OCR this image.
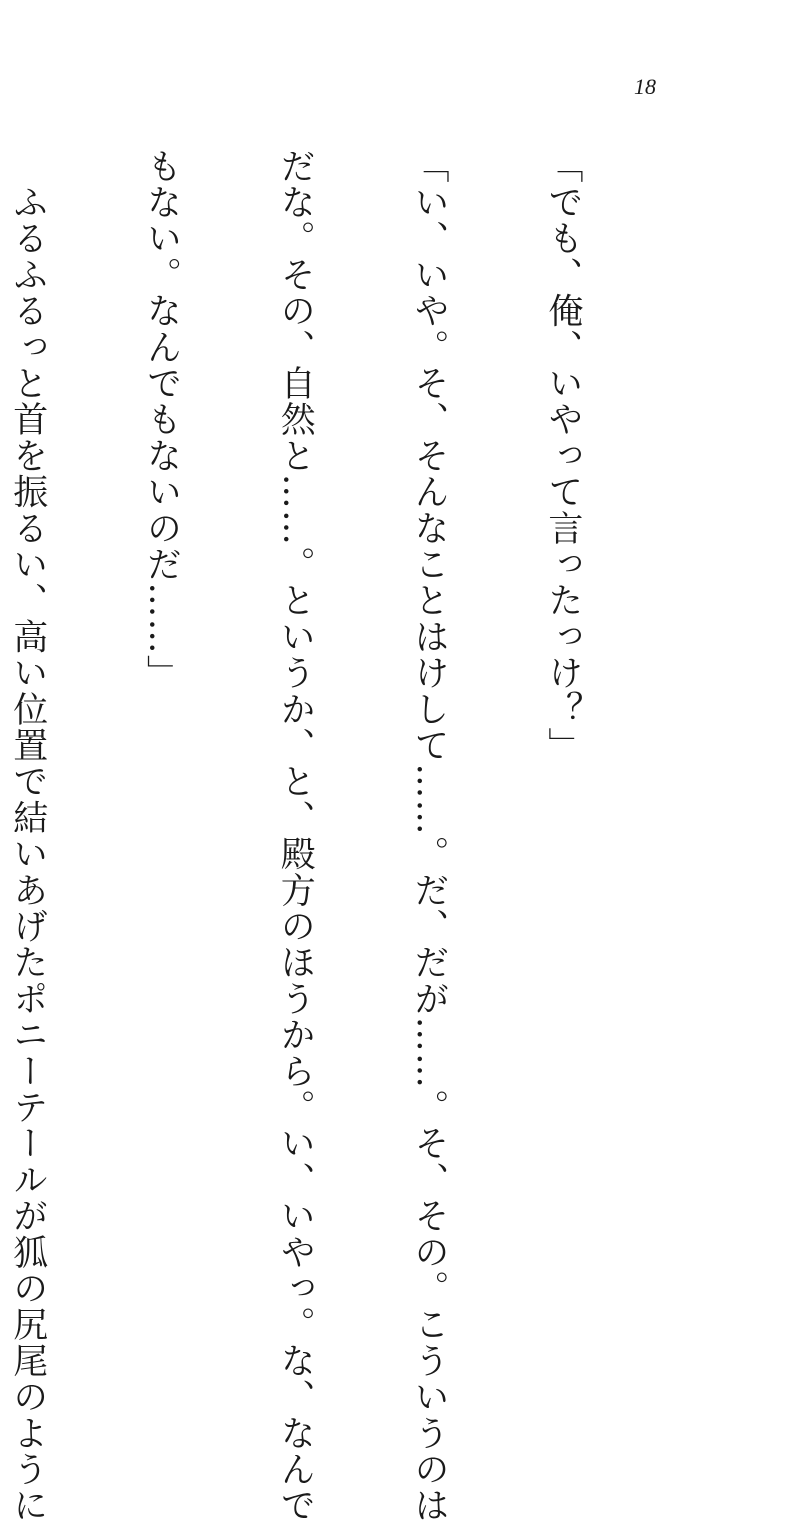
18

「でも、俺、いやって言ったっけ？」

「い、いや。そ、そんなことはけして……。だ、だが……。そ、その。こういうのは

だな。その、自然と……。というか、と、殿方のほうから。い、いやっ。な、なんで

もない。なんでもないのだ……」

　ふるふるっと首を振るい、高い位置で結いあげたポニーテールが狐の尻尾のように
